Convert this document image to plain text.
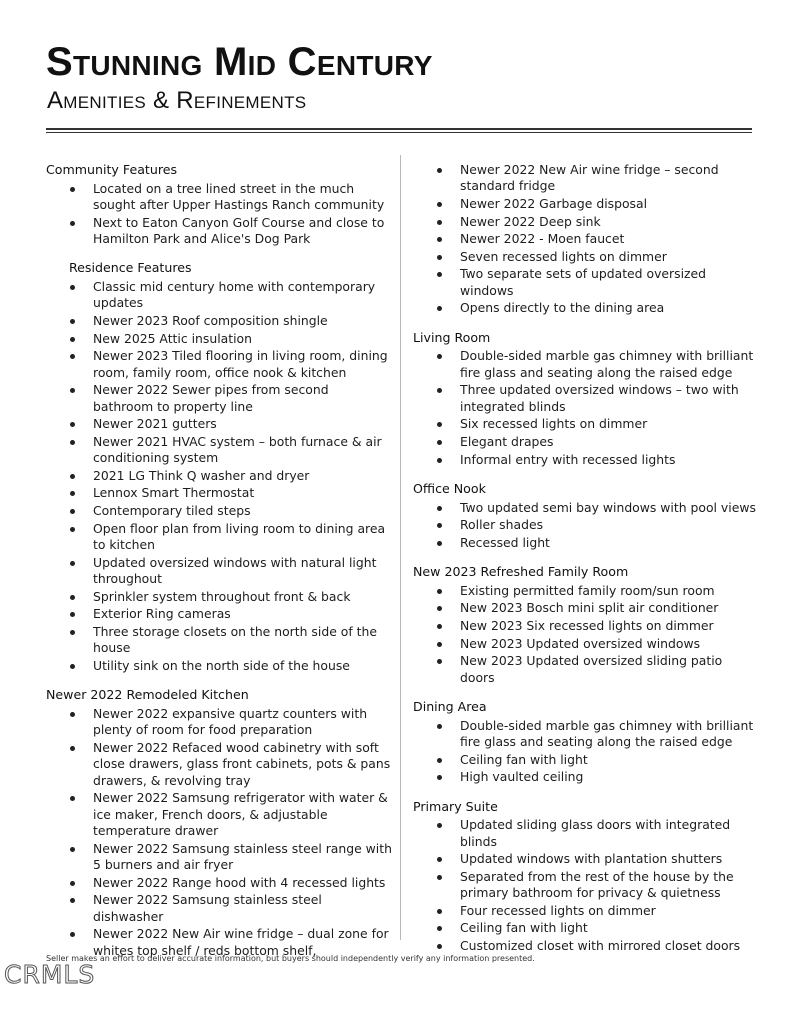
Stunning Mid Century
Amenities & Refinements
Community Features
Located on a tree lined street in the much sought after Upper Hastings Ranch community
Next to Eaton Canyon Golf Course and close to Hamilton Park and Alice's Dog Park
Residence Features
Classic mid century home with contemporary updates
Newer 2023 Roof composition shingle
New 2025 Attic insulation
Newer 2023 Tiled flooring in living room, dining room, family room, office nook & kitchen
Newer 2022 Sewer pipes from second bathroom to property line
Newer 2021 gutters
Newer 2021 HVAC system – both furnace & air conditioning system
2021 LG Think Q washer and dryer
Lennox Smart Thermostat
Contemporary tiled steps
Open floor plan from living room to dining area to kitchen
Updated oversized windows with natural light throughout
Sprinkler system throughout front & back
Exterior Ring cameras
Three storage closets on the north side of the house
Utility sink on the north side of the house
Newer 2022 Remodeled Kitchen
Newer 2022 expansive quartz counters with plenty of room for food preparation
Newer 2022 Refaced wood cabinetry with soft close drawers, glass front cabinets, pots & pans drawers, & revolving tray
Newer 2022 Samsung refrigerator with water & ice maker, French doors, & adjustable temperature drawer
Newer 2022 Samsung stainless steel range with 5 burners and air fryer
Newer 2022 Range hood with 4 recessed lights
Newer 2022 Samsung stainless steel dishwasher
Newer 2022 New Air wine fridge – dual zone for whites top shelf / reds bottom shelf,
Newer 2022 New Air wine fridge – second standard fridge
Newer 2022 Garbage disposal
Newer 2022 Deep sink
Newer 2022 - Moen faucet
Seven recessed lights on dimmer
Two separate sets of updated oversized windows
Opens directly to the dining area
Living Room
Double-sided marble gas chimney with brilliant fire glass and seating along the raised edge
Three updated oversized windows – two with integrated blinds
Six recessed lights on dimmer
Elegant drapes
Informal entry with recessed lights
Office Nook
Two updated semi bay windows with pool views
Roller shades
Recessed light
New 2023 Refreshed Family Room
Existing permitted family room/sun room
New 2023 Bosch mini split air conditioner
New 2023 Six recessed lights on dimmer
New 2023 Updated oversized windows
New 2023 Updated oversized sliding patio doors
Dining Area
Double-sided marble gas chimney with brilliant fire glass and seating along the raised edge
Ceiling fan with light
High vaulted ceiling
Primary Suite
Updated sliding glass doors with integrated blinds
Updated windows with plantation shutters
Separated from the rest of the house by the primary bathroom for privacy & quietness
Four recessed lights on dimmer
Ceiling fan with light
Customized closet with mirrored closet doors
Seller makes an effort to deliver accurate information, but buyers should independently verify any information presented.
CRMLS
